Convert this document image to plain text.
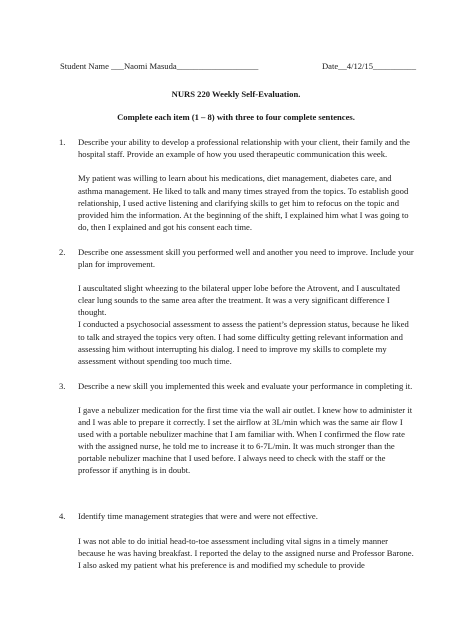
Student Name ___Naomi Masuda___________________	Date__4/12/15__________
NURS 220 Weekly Self-Evaluation.
Complete each item (1 – 8) with three to four complete sentences.
1.	Describe your ability to develop a professional relationship with your client, their family and the hospital staff. Provide an example of how you used therapeutic communication this week.

My patient was willing to learn about his medications, diet management, diabetes care, and asthma management. He liked to talk and many times strayed from the topics. To establish good relationship, I used active listening and clarifying skills to get him to refocus on the topic and provided him the information. At the beginning of the shift, I explained him what I was going to do, then I explained and got his consent each time.

2.	Describe one assessment skill you performed well and another you need to improve. Include your plan for improvement.

I auscultated slight wheezing to the bilateral upper lobe before the Atrovent, and I auscultated clear lung sounds to the same area after the treatment. It was a very significant difference I thought.

I conducted a psychosocial assessment to assess the patient’s depression status, because he liked to talk and strayed the topics very often. I had some difficulty getting relevant information and assessing him without interrupting his dialog. I need to improve my skills to complete my assessment without spending too much time.

3.	Describe a new skill you implemented this week and evaluate your performance in completing it.

I gave a nebulizer medication for the first time via the wall air outlet. I knew how to administer it and I was able to prepare it correctly. I set the airflow at 3L/min which was the same air flow I used with a portable nebulizer machine that I am familiar with. When I confirmed the flow rate with the assigned nurse, he told me to increase it to 6-7L/min. It was much stronger than the portable nebulizer machine that I used before. I always need to check with the staff or the professor if anything is in doubt.

4.	Identify time management strategies that were and were not effective.

I was not able to do initial head-to-toe assessment including vital signs in a timely manner because he was having breakfast. I reported the delay to the assigned nurse and Professor Barone. I also asked my patient what his preference is and modified my schedule to provide
